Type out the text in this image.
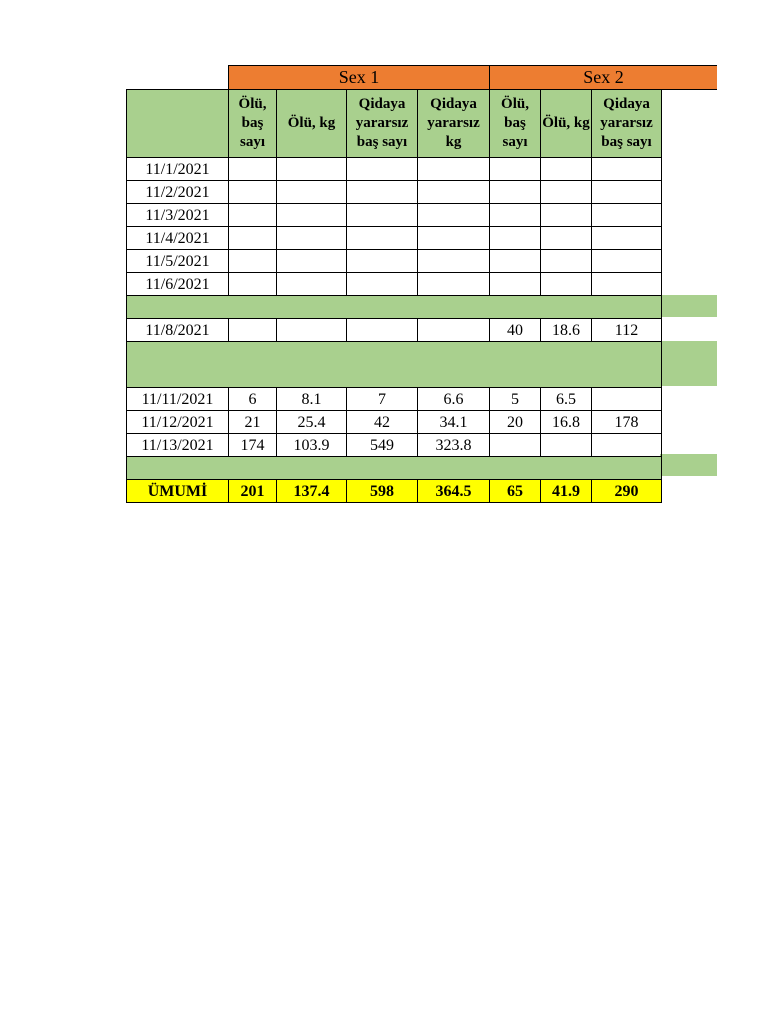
Sex 1	Sex 2
	Ölü, baş sayı	Ölü, kg	Qidaya yararsız baş sayı	Qidaya yararsız kg	Ölü, baş sayı	Ölü, kg	Qidaya yararsız baş sayı
11/1/2021							
11/2/2021							
11/3/2021							
11/4/2021							
11/5/2021							
11/6/2021							

11/8/2021					40	18.6	112

11/11/2021	6	8.1	7	6.6	5	6.5	
11/12/2021	21	25.4	42	34.1	20	16.8	178
11/13/2021	174	103.9	549	323.8			

ÜMUMİ	201	137.4	598	364.5	65	41.9	290
